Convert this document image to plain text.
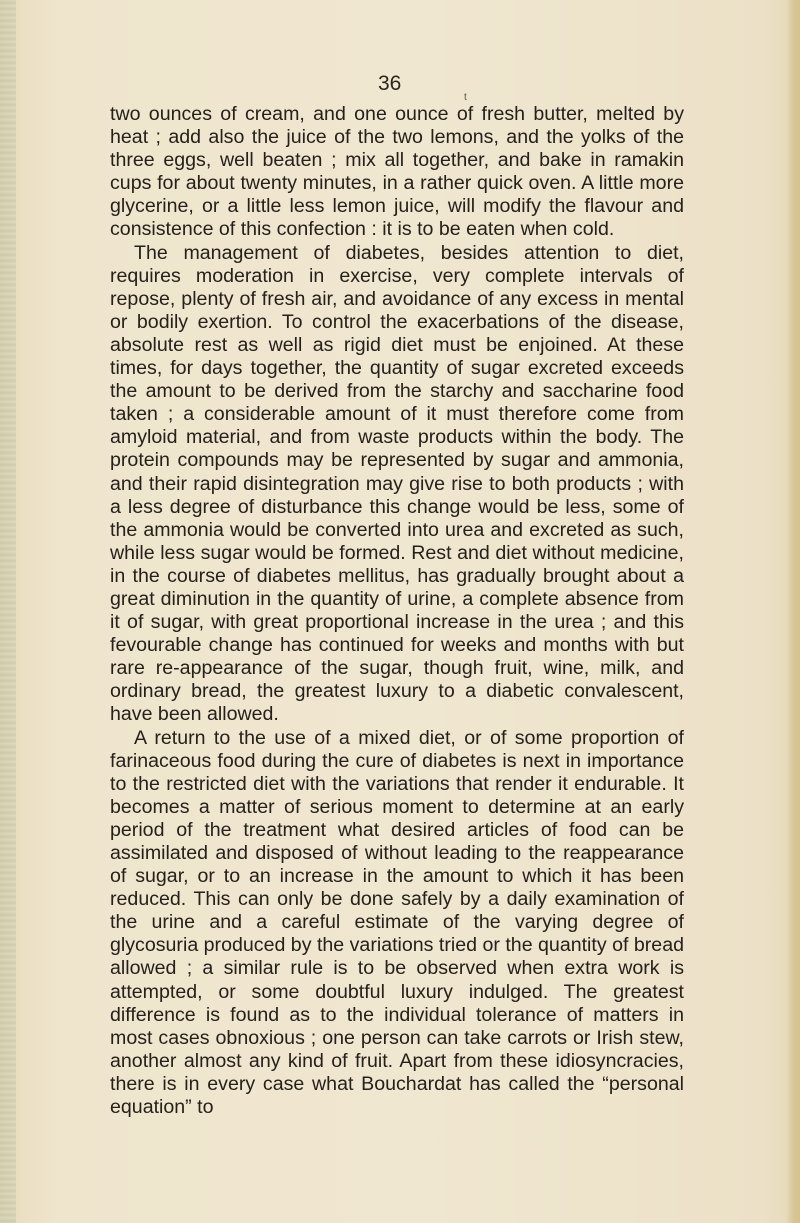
36
t

two ounces of cream, and one ounce of fresh butter, melted by heat ; add also the juice of the two lemons, and the yolks of the three eggs, well beaten ; mix all together, and bake in ramakin cups for about twenty minutes, in a rather quick oven. A little more glycerine, or a little less lemon juice, will modify the flavour and consistence of this confection : it is to be eaten when cold.

The management of diabetes, besides attention to diet, requires moderation in exercise, very complete intervals of repose, plenty of fresh air, and avoidance of any excess in mental or bodily exertion. To control the exacerbations of the disease, absolute rest as well as rigid diet must be enjoined. At these times, for days together, the quantity of sugar excreted exceeds the amount to be derived from the starchy and saccharine food taken ; a considerable amount of it must therefore come from amyloid material, and from waste products within the body. The protein compounds may be represented by sugar and ammonia, and their rapid disintegration may give rise to both products ; with a less degree of disturbance this change would be less, some of the ammonia would be converted into urea and excreted as such, while less sugar would be formed. Rest and diet without medicine, in the course of diabetes mellitus, has gradually brought about a great diminution in the quantity of urine, a complete absence from it of sugar, with great proportional increase in the urea ; and this fevourable change has continued for weeks and months with but rare re-appearance of the sugar, though fruit, wine, milk, and ordinary bread, the greatest luxury to a diabetic convalescent, have been allowed.

A return to the use of a mixed diet, or of some proportion of farinaceous food during the cure of diabetes is next in importance to the restricted diet with the variations that render it endurable. It becomes a matter of serious moment to determine at an early period of the treatment what desired articles of food can be assimilated and disposed of without leading to the reappearance of sugar, or to an increase in the amount to which it has been reduced. This can only be done safely by a daily examination of the urine and a careful estimate of the varying degree of glycosuria produced by the variations tried or the quantity of bread allowed ; a similar rule is to be observed when extra work is attempted, or some doubtful luxury indulged. The greatest difference is found as to the individual tolerance of matters in most cases obnoxious ; one person can take carrots or Irish stew, another almost any kind of fruit. Apart from these idiosyncracies, there is in every case what Bouchardat has called the “personal equation” to
